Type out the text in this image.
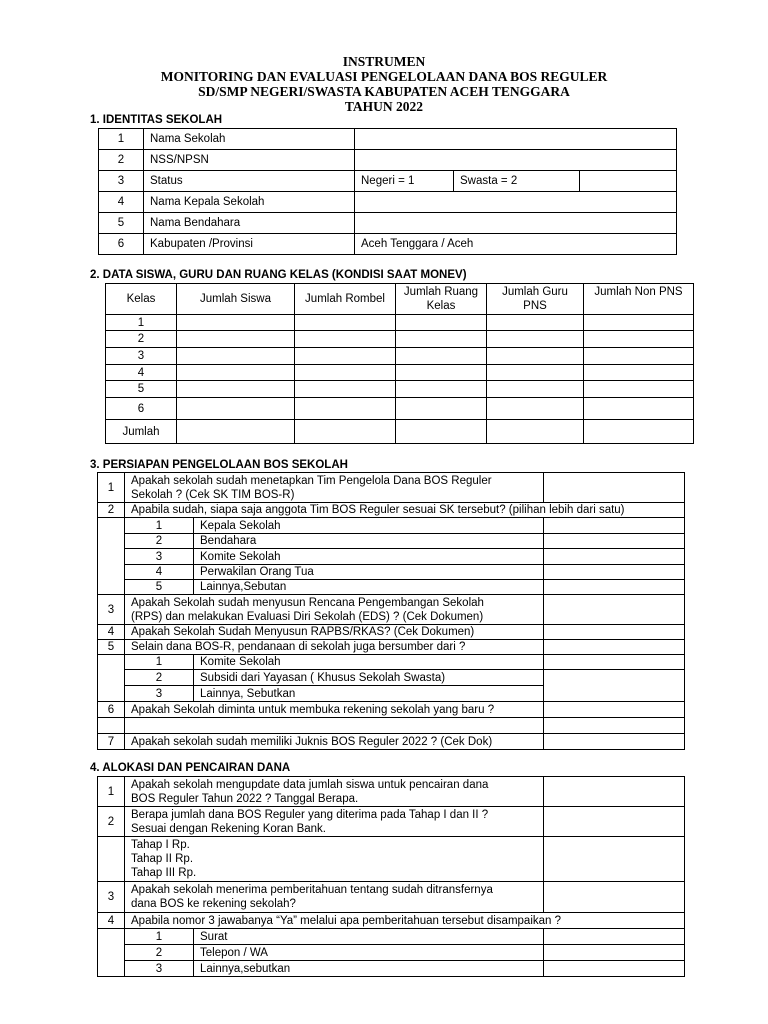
INSTRUMEN
MONITORING DAN EVALUASI PENGELOLAAN DANA BOS REGULER
SD/SMP NEGERI/SWASTA KABUPATEN ACEH TENGGARA
TAHUN 2022
1. IDENTITAS SEKOLAH
1	Nama Sekolah			
2	NSS/NPSN			
3	Status	Negeri = 1	Swasta = 2	
4	Nama Kepala Sekolah			
5	Nama Bendahara			
6	Kabupaten /Provinsi	Aceh Tenggara / Aceh		
2. DATA SISWA, GURU DAN RUANG KELAS (KONDISI SAAT MONEV)
Kelas	Jumlah Siswa	Jumlah Rombel	Jumlah Ruang Kelas	Jumlah Guru PNS	Jumlah Non PNS
1					
2					
3					
4					
5					
6					
Jumlah					
3. PERSIAPAN PENGELOLAAN BOS SEKOLAH
1	Apakah sekolah sudah menetapkan Tim Pengelola Dana BOS Reguler
Sekolah ? (Cek SK TIM BOS-R)		

2	Apabila sudah, siapa saja anggota Tim BOS Reguler sesuai SK tersebut? (pilihan lebih dari satu)		
	1	Kepala Sekolah	
	2	Bendahara	
	3	Komite Sekolah	
	4	Perwakilan Orang Tua	
	5	Lainnya,Sebutan	
3	Apakah Sekolah sudah menyusun Rencana Pengembangan Sekolah
(RPS) dan melakukan Evaluasi Diri Sekolah (EDS) ? (Cek Dokumen)		

4	Apakah Sekolah Sudah Menyusun RAPBS/RKAS? (Cek Dokumen)		
5	Selain dana BOS-R, pendanaan di sekolah juga bersumber dari ?		
	1	Komite Sekolah	
	2	Subsidi dari Yayasan ( Khusus Sekolah Swasta)	
	3	Lainnya, Sebutkan	
6	Apakah Sekolah diminta untuk membuka rekening sekolah yang baru ?		

7	Apakah sekolah sudah memiliki Juknis BOS Reguler 2022 ? (Cek Dok)		
4. ALOKASI DAN PENCAIRAN DANA
1	Apakah sekolah mengupdate data jumlah siswa untuk pencairan dana
BOS Reguler Tahun 2022 ? Tanggal Berapa.		

2	Berapa jumlah dana BOS Reguler yang diterima pada Tahap I dan II ?
Sesuai dengan Rekening Koran Bank.		

	Tahap I Rp.
Tahap II Rp.
Tahap III Rp.		

3	Apakah sekolah menerima pemberitahuan tentang sudah ditransfernya
dana BOS ke rekening sekolah?		

4	Apabila nomor 3 jawabanya “Ya” melalui apa pemberitahuan tersebut disampaikan ?		
	1	Surat	
	2	Telepon / WA	
	3	Lainnya,sebutkan	
